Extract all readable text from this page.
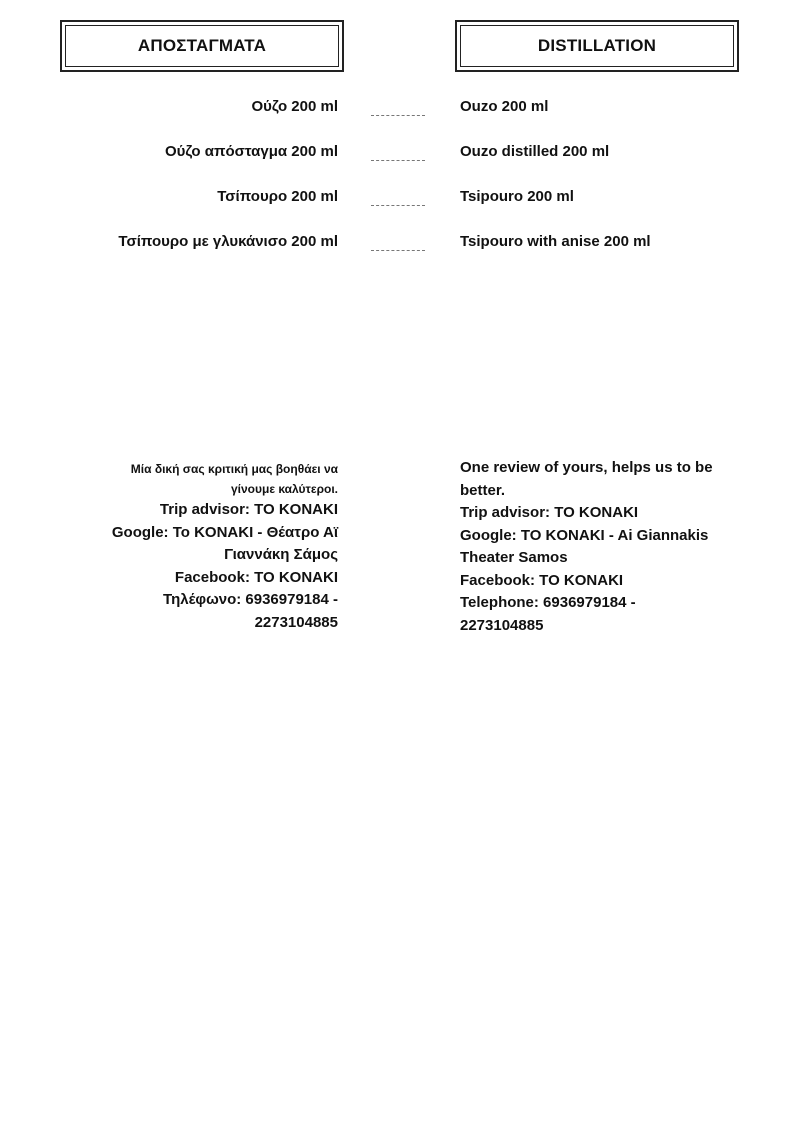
ΑΠΟΣΤΑΓΜΑΤΑ	DISTILLATION
Ούζο 200 ml	Ouzo 200 ml
Ούζο απόσταγμα 200 ml	Ouzo distilled 200 ml
Τσίπουρο 200 ml	Tsipouro 200 ml
Τσίπουρο με γλυκάνισο 200 ml	Tsipouro with anise 200 ml
Μία δική σας κριτική μας βοηθάει να
γίνουμε καλύτεροι.
Trip advisor: TO KONAKI
Google: Το KONAKI - Θέατρο Αϊ
Γιαννάκη Σάμος
Facebook: TO KONAKI
Τηλέφωνο: 6936979184 -
2273104885
One review of yours, helps us to be
better.
Trip advisor: TO KONAKI
Google: TO KONAKI - Ai Giannakis
Theater Samos
Facebook: TO KONAKI
Telephone: 6936979184 -
2273104885
